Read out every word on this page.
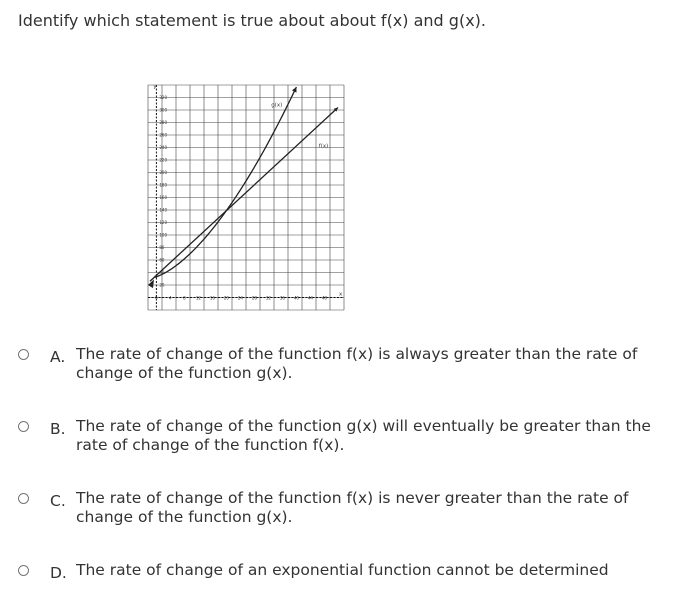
Identify which statement is true about about f(x) and g(x).
320
300
280
260
240
220
200
180
160
140
120
100
80
60
40
20
0	4	8	12 16 20 24 28 32 36 40 44 48
g(x)
f(x)
y
x
A. The rate of change of the function f(x) is always greater than the rate of change of the function g(x).
B. The rate of change of the function g(x) will eventually be greater than the rate of change of the function f(x).
C. The rate of change of the function f(x) is never greater than the rate of change of the function g(x).
D. The rate of change of an exponential function cannot be determined
